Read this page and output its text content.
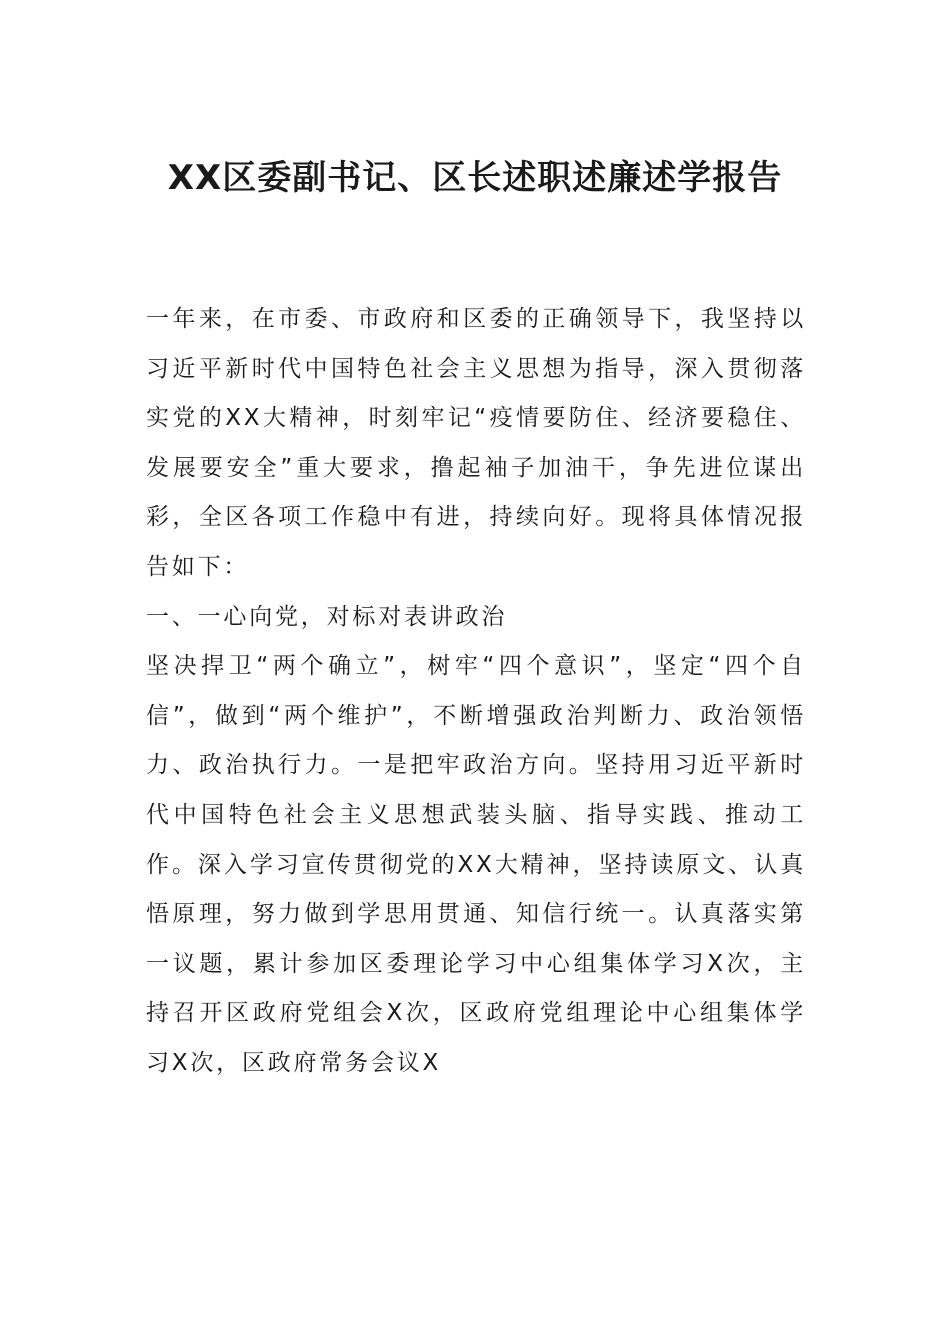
XX区委副书记、区长述职述廉述学报告

一年来，在市委、市政府和区委的正确领导下，我坚持以习近平新时代中国特色社会主义思想为指导，深入贯彻落实党的XX大精神，时刻牢记“疫情要防住、经济要稳住、发展要安全”重大要求，撸起袖子加油干，争先进位谋出彩，全区各项工作稳中有进，持续向好。现将具体情况报告如下：

一、一心向党，对标对表讲政治

坚决捍卫“两个确立”，树牢“四个意识”，坚定“四个自信”，做到“两个维护”，不断增强政治判断力、政治领悟力、政治执行力。一是把牢政治方向。坚持用习近平新时代中国特色社会主义思想武装头脑、指导实践、推动工作。深入学习宣传贯彻党的XX大精神，坚持读原文、认真悟原理，努力做到学思用贯通、知信行统一。认真落实第一议题，累计参加区委理论学习中心组集体学习X次，主持召开区政府党组会X次，区政府党组理论中心组集体学习X次，区政府常务会议X
